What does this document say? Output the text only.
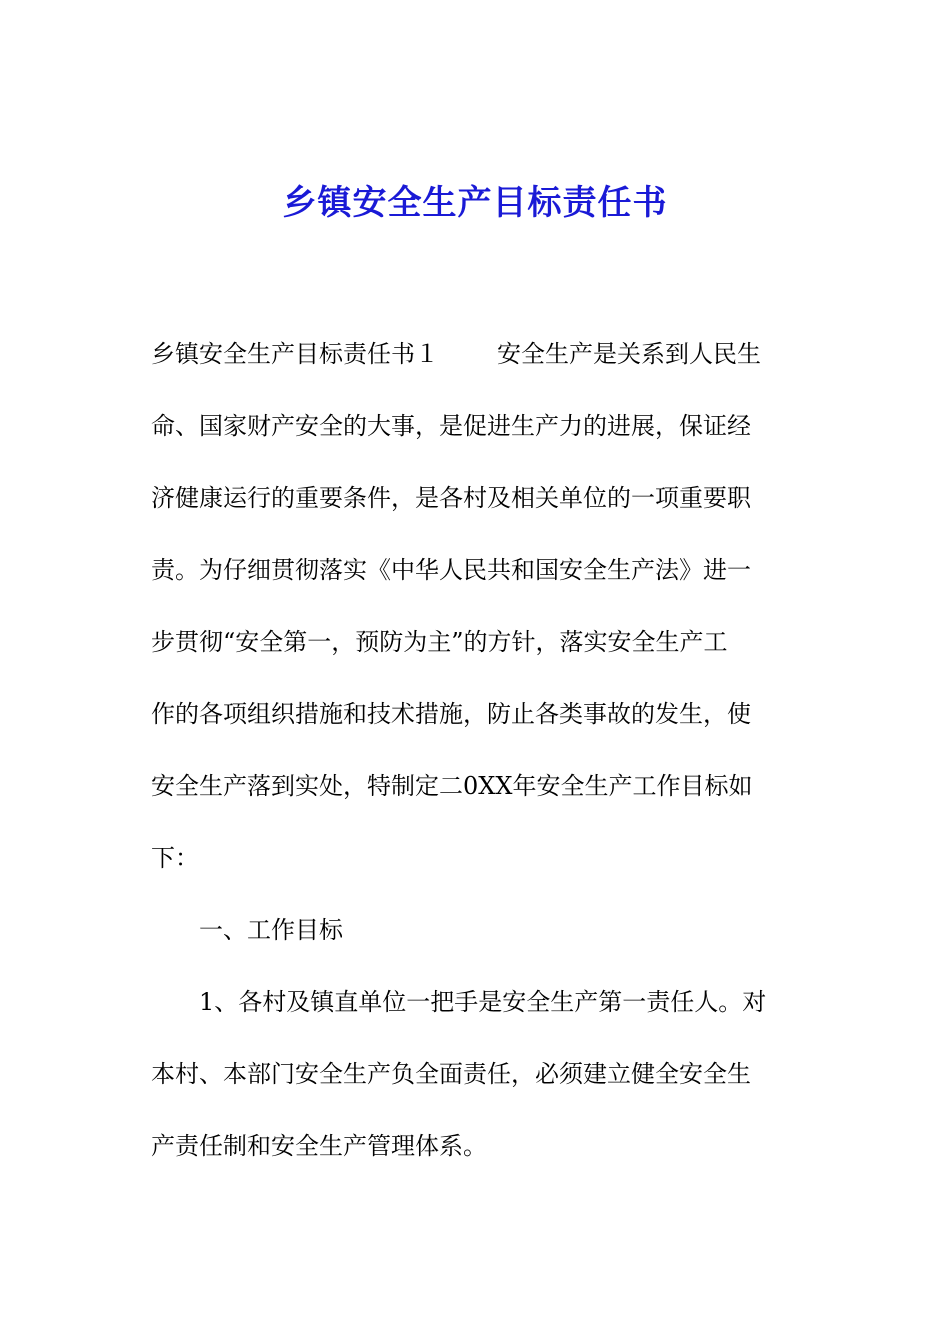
乡镇安全生产目标责任书
乡镇安全生产目标责任书１ 安全生产是关系到人民生
命、国家财产安全的大事，是促进生产力的进展，保证经
济健康运行的重要条件，是各村及相关单位的一项重要职
责。为仔细贯彻落实《中华人民共和国安全生产法》进一
步贯彻“安全第一，预防为主”的方针，落实安全生产工
作的各项组织措施和技术措施，防止各类事故的发生，使
安全生产落到实处，特制定二0XX年安全生产工作目标如
下：
一、工作目标
1、各村及镇直单位一把手是安全生产第一责任人。对
本村、本部门安全生产负全面责任，必须建立健全安全生
产责任制和安全生产管理体系。
